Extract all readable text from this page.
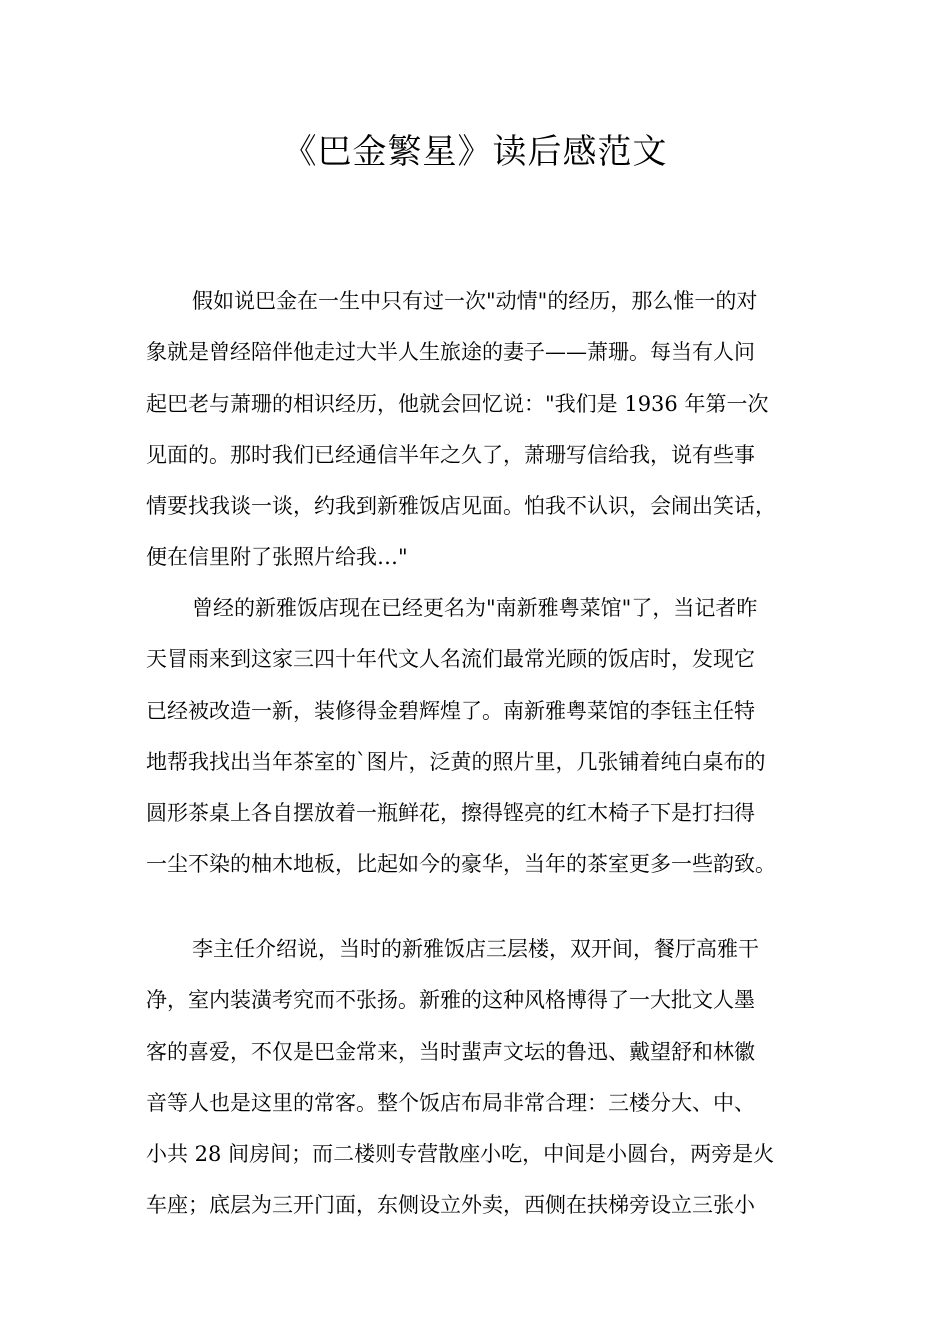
《巴金繁星》读后感范文
假如说巴金在一生中只有过一次"动情"的经历，那么惟一的对
象就是曾经陪伴他走过大半人生旅途的妻子——萧珊。每当有人问
起巴老与萧珊的相识经历，他就会回忆说："我们是 1936 年第一次
见面的。那时我们已经通信半年之久了，萧珊写信给我，说有些事
情要找我谈一谈，约我到新雅饭店见面。怕我不认识，会闹出笑话，
便在信里附了张照片给我…"
曾经的新雅饭店现在已经更名为"南新雅粤菜馆"了，当记者昨
天冒雨来到这家三四十年代文人名流们最常光顾的饭店时，发现它
已经被改造一新，装修得金碧辉煌了。南新雅粤菜馆的李钰主任特
地帮我找出当年茶室的`图片，泛黄的照片里，几张铺着纯白桌布的
圆形茶桌上各自摆放着一瓶鲜花，擦得铿亮的红木椅子下是打扫得
一尘不染的柚木地板，比起如今的豪华，当年的茶室更多一些韵致。
李主任介绍说，当时的新雅饭店三层楼，双开间，餐厅高雅干
净，室内装潢考究而不张扬。新雅的这种风格博得了一大批文人墨
客的喜爱，不仅是巴金常来，当时蜚声文坛的鲁迅、戴望舒和林徽
音等人也是这里的常客。整个饭店布局非常合理：三楼分大、中、
小共 28 间房间；而二楼则专营散座小吃，中间是小圆台，两旁是火
车座；底层为三开门面，东侧设立外卖，西侧在扶梯旁设立三张小
